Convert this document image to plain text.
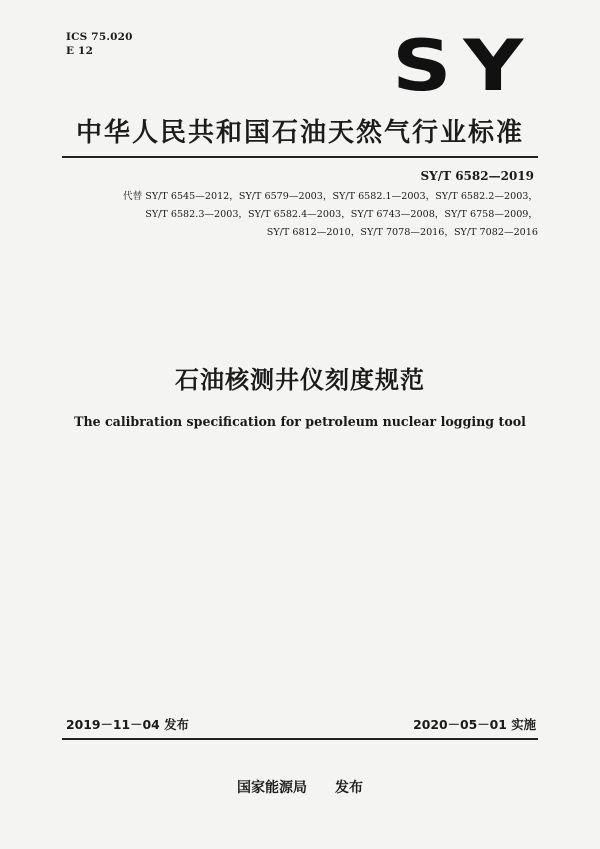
ICS 75.020
E 12	SY
中华人民共和国石油天然气行业标准
SY/T 6582—2019
代替 SY/T 6545—2012，SY/T 6579—2003，SY/T 6582.1—2003，SY/T 6582.2—2003，
SY/T 6582.3—2003，SY/T 6582.4—2003，SY/T 6743—2008，SY/T 6758—2009，
SY/T 6812—2010，SY/T 7078—2016，SY/T 7082—2016
石油核测井仪刻度规范
The calibration specification for petroleum nuclear logging tool
2019－11－04 发布	2020－05－01 实施
国家能源局 发布
